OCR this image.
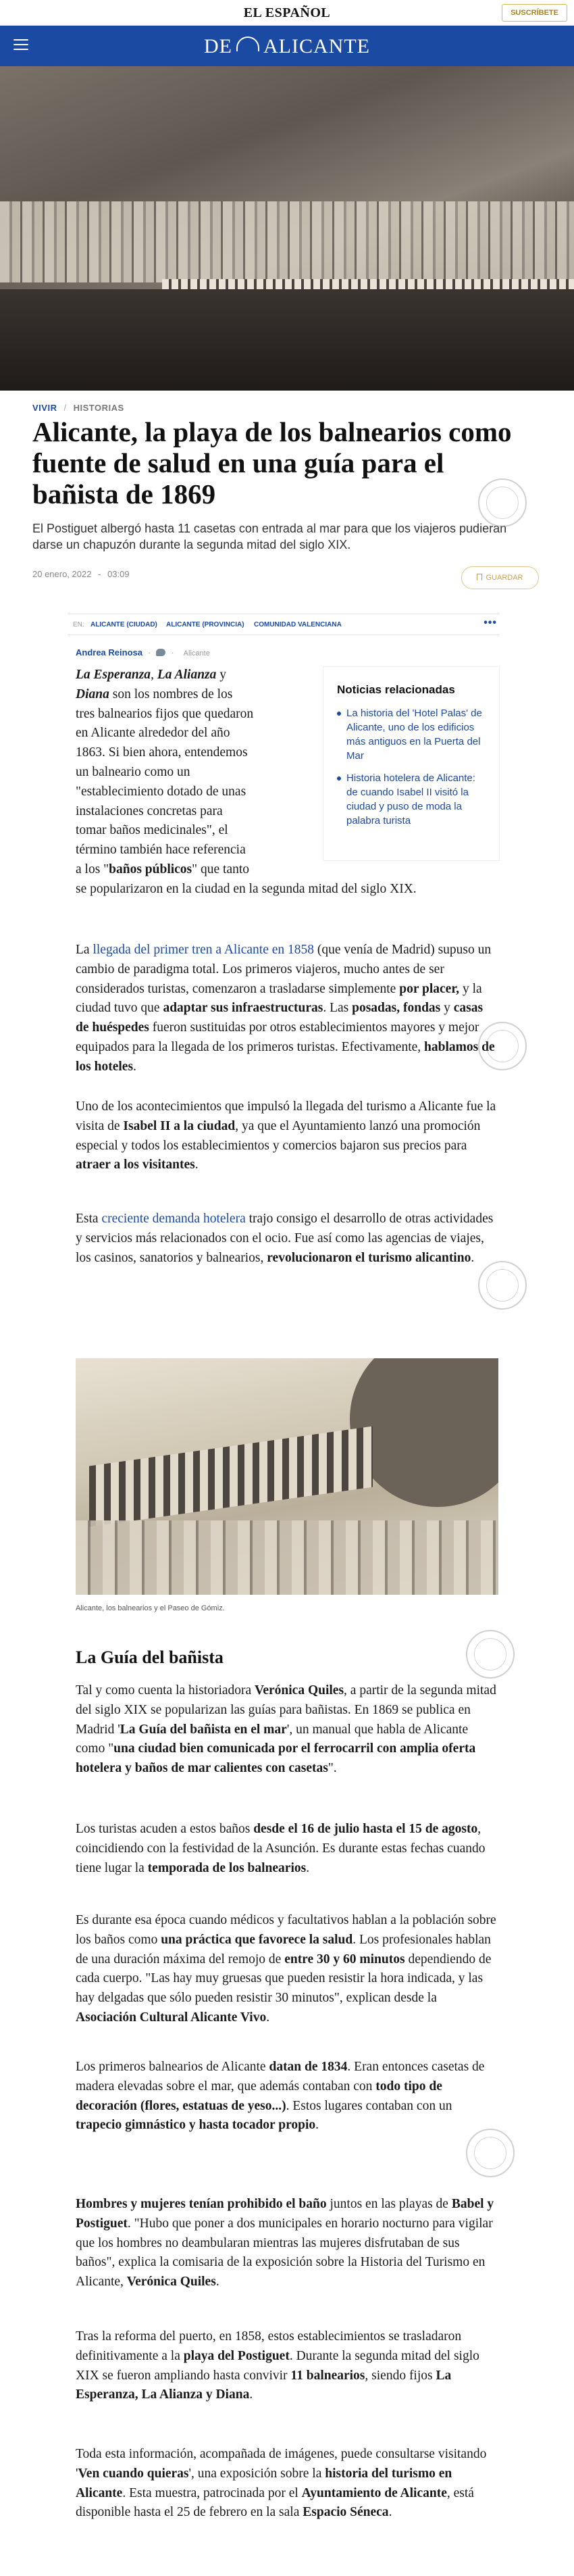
EL ESPAÑOL	SUSCRÍBETE
DE ALICANTE
VIVIR / HISTORIAS
Alicante, la playa de los balnearios como fuente de salud en una guía para el bañista de 1869

El Postiguet albergó hasta 11 casetas con entrada al mar para que los viajeros pudieran darse un chapuzón durante la segunda mitad del siglo XIX.

20 enero, 2022 - 03:09	GUARDAR
EN: ALICANTE (CIUDAD) ALICANTE (PROVINCIA) COMUNIDAD VALENCIANA	•••
Andrea Reinosa · · Alicante
Noticias relacionadas
La historia del 'Hotel Palas' de Alicante, uno de los edificios más antiguos en la Puerta del Mar
Historia hotelera de Alicante: de cuando Isabel II visitó la ciudad y puso de moda la palabra turista

La Esperanza, La Alianza y Diana son los nombres de los tres balnearios fijos que quedaron en Alicante alrededor del año 1863. Si bien ahora, entendemos un balneario como un "establecimiento dotado de unas instalaciones concretas para tomar baños medicinales", el término también hace referencia a los "baños públicos" que tanto se popularizaron en la ciudad en la segunda mitad del siglo XIX.

La llegada del primer tren a Alicante en 1858 (que venía de Madrid) supuso un cambio de paradigma total. Los primeros viajeros, mucho antes de ser considerados turistas, comenzaron a trasladarse simplemente por placer, y la ciudad tuvo que adaptar sus infraestructuras. Las posadas, fondas y casas de huéspedes fueron sustituidas por otros establecimientos mayores y mejor equipados para la llegada de los primeros turistas. Efectivamente, hablamos de los hoteles.

Uno de los acontecimientos que impulsó la llegada del turismo a Alicante fue la visita de Isabel II a la ciudad, ya que el Ayuntamiento lanzó una promoción especial y todos los establecimientos y comercios bajaron sus precios para atraer a los visitantes.

Esta creciente demanda hotelera trajo consigo el desarrollo de otras actividades y servicios más relacionados con el ocio. Fue así como las agencias de viajes, los casinos, sanatorios y balnearios, revolucionaron el turismo alicantino.

Alicante, los balnearios y el Paseo de Gómiz.
La Guía del bañista

Tal y como cuenta la historiadora Verónica Quiles, a partir de la segunda mitad del siglo XIX se popularizan las guías para bañistas. En 1869 se publica en Madrid 'La Guía del bañista en el mar', un manual que habla de Alicante como "una ciudad bien comunicada por el ferrocarril con amplia oferta hotelera y baños de mar calientes con casetas".

Los turistas acuden a estos baños desde el 16 de julio hasta el 15 de agosto, coincidiendo con la festividad de la Asunción. Es durante estas fechas cuando tiene lugar la temporada de los balnearios.

Es durante esa época cuando médicos y facultativos hablan a la población sobre los baños como una práctica que favorece la salud. Los profesionales hablan de una duración máxima del remojo de entre 30 y 60 minutos dependiendo de cada cuerpo. "Las hay muy gruesas que pueden resistir la hora indicada, y las hay delgadas que sólo pueden resistir 30 minutos", explican desde la Asociación Cultural Alicante Vivo.

Los primeros balnearios de Alicante datan de 1834. Eran entonces casetas de madera elevadas sobre el mar, que además contaban con todo tipo de decoración (flores, estatuas de yeso...). Estos lugares contaban con un trapecio gimnástico y hasta tocador propio.

Hombres y mujeres tenían prohibido el baño juntos en las playas de Babel y Postiguet. "Hubo que poner a dos municipales en horario nocturno para vigilar que los hombres no deambularan mientras las mujeres disfrutaban de sus baños", explica la comisaria de la exposición sobre la Historia del Turismo en Alicante, Verónica Quiles.

Tras la reforma del puerto, en 1858, estos establecimientos se trasladaron definitivamente a la playa del Postiguet. Durante la segunda mitad del siglo XIX se fueron ampliando hasta convivir 11 balnearios, siendo fijos La Esperanza, La Alianza y Diana.

Toda esta información, acompañada de imágenes, puede consultarse visitando 'Ven cuando quieras', una exposición sobre la historia del turismo en Alicante. Esta muestra, patrocinada por el Ayuntamiento de Alicante, está disponible hasta el 25 de febrero en la sala Espacio Séneca.
